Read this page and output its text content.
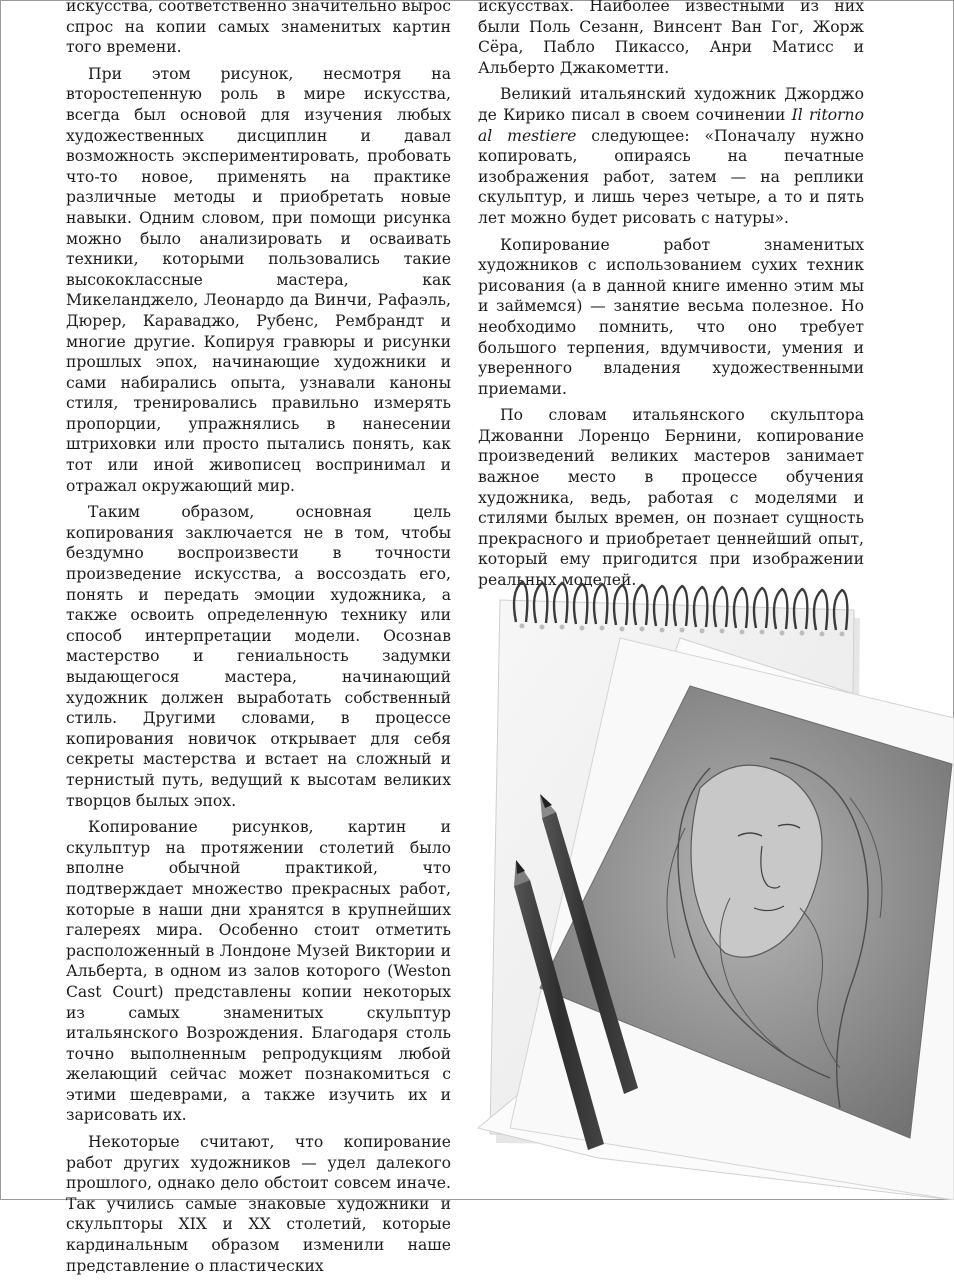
искусства, соответственно значительно вырос спрос на копии самых знаменитых картин того времени.

При этом рисунок, несмотря на второстепенную роль в мире искусства, всегда был основой для изучения любых художественных дисциплин и давал возможность экспериментировать, пробовать что-то новое, применять на практике различные методы и приобретать новые навыки. Одним словом, при помощи рисунка можно было анализировать и осваивать техники, которыми пользовались такие высококлассные мастера, как Микеланджело, Леонардо да Винчи, Рафаэль, Дюрер, Караваджо, Рубенс, Рембрандт и многие другие. Копируя гравюры и рисунки прошлых эпох, начинающие художники и сами набирались опыта, узнавали каноны стиля, тренировались правильно измерять пропорции, упражнялись в нанесении штриховки или просто пытались понять, как тот или иной живописец воспринимал и отражал окружающий мир.

Таким образом, основная цель копирования заключается не в том, чтобы бездумно воспроизвести в точности произведение искусства, а воссоздать его, понять и передать эмоции художника, а также освоить определенную технику или способ интерпретации модели. Осознав мастерство и гениальность задумки выдающегося мастера, начинающий художник должен выработать собственный стиль. Другими словами, в процессе копирования новичок открывает для себя секреты мастерства и встает на сложный и тернистый путь, ведущий к высотам великих творцов былых эпох.

Копирование рисунков, картин и скульптур на протяжении столетий было вполне обычной практикой, что подтверждает множество прекрасных работ, которые в наши дни хранятся в крупнейших галереях мира. Особенно стоит отметить расположенный в Лондоне Музей Виктории и Альберта, в одном из залов которого (Weston Cast Court) представлены копии некоторых из самых знаменитых скульптур итальянского Возрождения. Благодаря столь точно выполненным репродукциям любой желающий сейчас может познакомиться с этими шедеврами, а также изучить их и зарисовать их.

Некоторые считают, что копирование работ других художников — удел далекого прошлого, однако дело обстоит совсем иначе. Так учились самые знаковые художники и скульпторы XIX и XX столетий, которые кардинальным образом изменили наше представление о пластических

искусствах. Наиболее известными из них были Поль Сезанн, Винсент Ван Гог, Жорж Сёра, Пабло Пикассо, Анри Матисс и Альберто Джакометти.

Великий итальянский художник Джорджо де Кирико писал в своем сочинении Il ritorno al mestiere следующее: «Поначалу нужно копировать, опираясь на печатные изображения работ, затем — на реплики скульптур, и лишь через четыре, а то и пять лет можно будет рисовать с натуры».

Копирование работ знаменитых художников с использованием сухих техник рисования (а в данной книге именно этим мы и займемся) — занятие весьма полезное. Но необходимо помнить, что оно требует большого терпения, вдумчивости, умения и уверенного владения художественными приемами.

По словам итальянского скульптора Джованни Лоренцо Бернини, копирование произведений великих мастеров занимает важное место в процессе обучения художника, ведь, работая с моделями и стилями былых времен, он познает сущность прекрасного и приобретает ценнейший опыт, который ему пригодится при изображении реальных моделей.
